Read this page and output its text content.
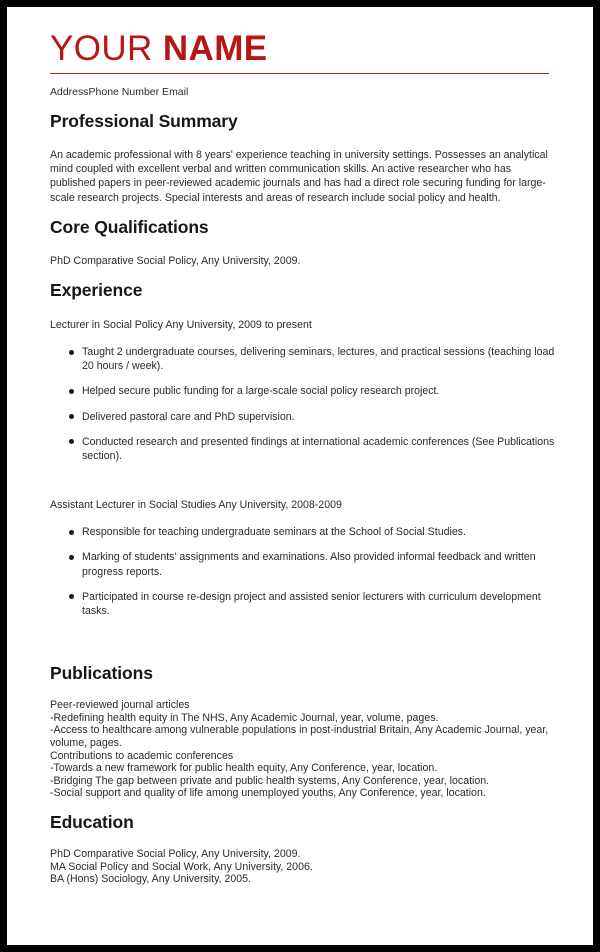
YOUR NAME
AddressPhone Number Email
Professional Summary

An academic professional with 8 years' experience teaching in university settings. Possesses an analytical mind coupled with excellent verbal and written communication skills. An active researcher who has published papers in peer-reviewed academic journals and has had a direct role securing funding for large-scale research projects. Special interests and areas of research include social policy and health.

Core Qualifications

PhD Comparative Social Policy, Any University, 2009.

Experience
Lecturer in Social Policy Any University, 2009 to present
Taught 2 undergraduate courses, delivering seminars, lectures, and practical sessions (teaching load 20 hours / week).
Helped secure public funding for a large-scale social policy research project.
Delivered pastoral care and PhD supervision.
Conducted research and presented findings at international academic conferences (See Publications section).
Assistant Lecturer in Social Studies Any University, 2008-2009
Responsible for teaching undergraduate seminars at the School of Social Studies.
Marking of students' assignments and examinations. Also provided informal feedback and written progress reports.
Participated in course re-design project and assisted senior lecturers with curriculum development tasks.
Publications
Peer-reviewed journal articles
-Redefining health equity in The NHS, Any Academic Journal, year, volume, pages.
-Access to healthcare among vulnerable populations in post-industrial Britain, Any Academic Journal, year, volume, pages.
Contributions to academic conferences
-Towards a new framework for public health equity, Any Conference, year, location.
-Bridging The gap between private and public health systems, Any Conference, year, location.
-Social support and quality of life among unemployed youths, Any Conference, year, location.
Education
PhD Comparative Social Policy, Any University, 2009.
MA Social Policy and Social Work, Any University, 2006.
BA (Hons) Sociology, Any University, 2005.
